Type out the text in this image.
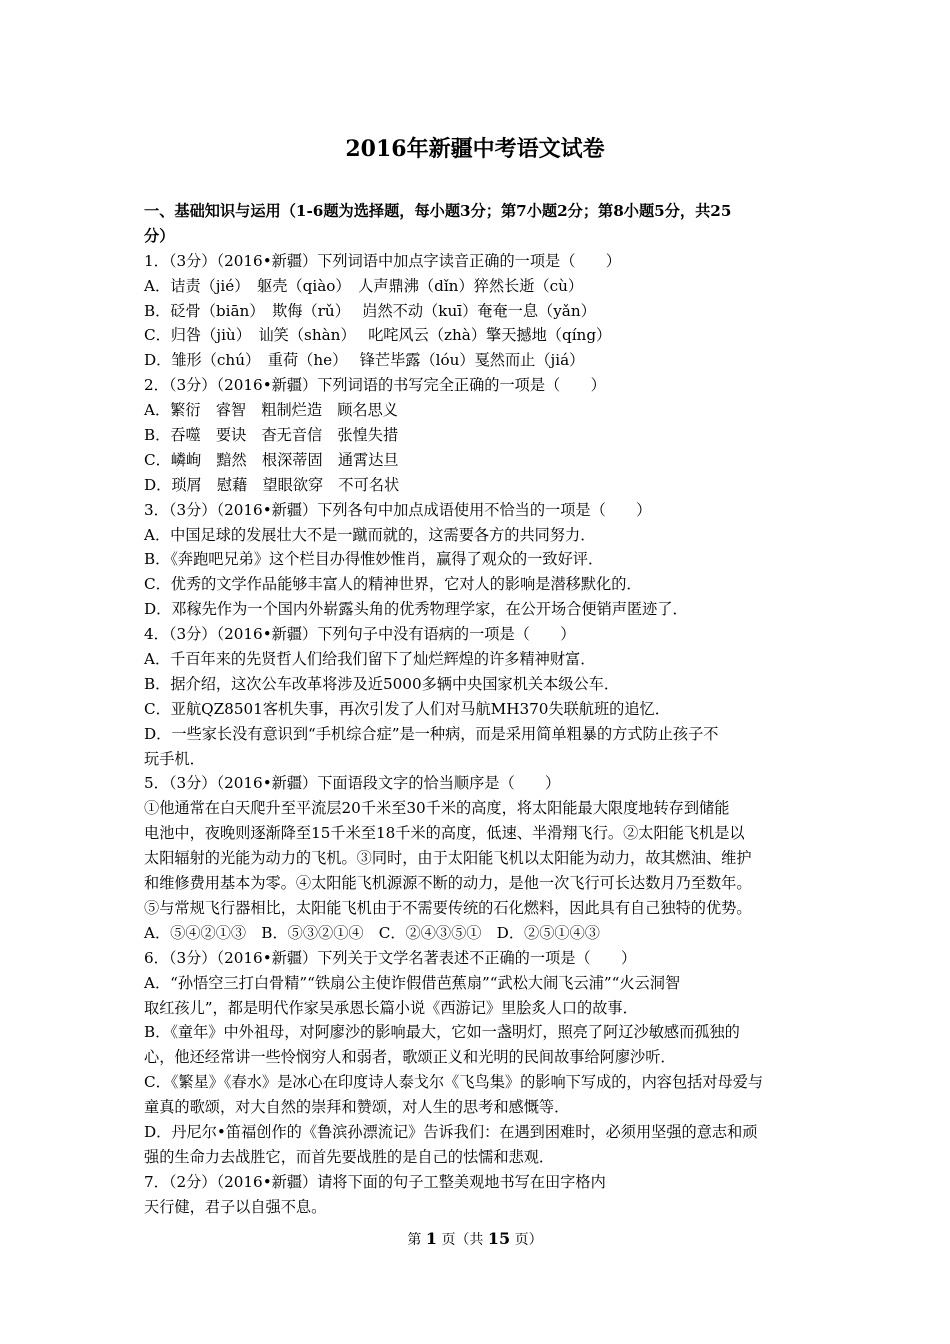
2016年新疆中考语文试卷
一、基础知识与运用（1-6题为选择题，每小题3分；第7小题2分；第8小题5分，共25
分）
1．（3分）（2016•新疆）下列词语中加点字读音正确的一项是（　　）
A．诘责（jié）　躯壳（qiào）　人声鼎沸（dǐn）猝然长逝（cù）
B．砭骨（biān）　欺侮（rǔ）　 岿然不动（kuī）奄奄一息（yǎn）
C．归咎（jiù）　讪笑（shàn）　 叱咤风云（zhà）擎天撼地（qíng）
D．雏形（chú）　重荷（he）　 锋芒毕露（lóu）戛然而止（jiá）
2．（3分）（2016•新疆）下列词语的书写完全正确的一项是（　　）
A．繁衍　睿智　粗制烂造　顾名思义
B．吞噬　要诀　杳无音信　张惶失措
C．嶙峋　黯然　根深蒂固　通霄达旦
D．琐屑　慰藉　望眼欲穿　不可名状
3．（3分）（2016•新疆）下列各句中加点成语使用不恰当的一项是（　　）
A．中国足球的发展壮大不是一蹴而就的，这需要各方的共同努力．
B．《奔跑吧兄弟》这个栏目办得惟妙惟肖，赢得了观众的一致好评．
C．优秀的文学作品能够丰富人的精神世界，它对人的影响是潜移默化的．
D．邓稼先作为一个国内外崭露头角的优秀物理学家，在公开场合便销声匿迹了．
4．（3分）（2016•新疆）下列句子中没有语病的一项是（　　）
A．千百年来的先贤哲人们给我们留下了灿烂辉煌的许多精神财富．
B．据介绍，这次公车改革将涉及近5000多辆中央国家机关本级公车．
C．亚航QZ8501客机失事，再次引发了人们对马航MH370失联航班的追忆．
D．一些家长没有意识到“手机综合症”是一种病，而是采用简单粗暴的方式防止孩子不
玩手机．
5．（3分）（2016•新疆）下面语段文字的恰当顺序是（　　）
①他通常在白天爬升至平流层20千米至30千米的高度，将太阳能最大限度地转存到储能
电池中，夜晚则逐渐降至15千米至18千米的高度，低速、半滑翔飞行。②太阳能飞机是以
太阳辐射的光能为动力的飞机。③同时，由于太阳能飞机以太阳能为动力，故其燃油、维护
和维修费用基本为零。④太阳能飞机源源不断的动力，是他一次飞行可长达数月乃至数年。
⑤与常规飞行器相比，太阳能飞机由于不需要传统的石化燃料，因此具有自己独特的优势。
A．⑤④②①③　B．⑤③②①④　C．②④③⑤①　D．②⑤①④③
6．（3分）（2016•新疆）下列关于文学名著表述不正确的一项是（　　）
A．“孙悟空三打白骨精”“铁扇公主使诈假借芭蕉扇”“武松大闹飞云浦”“火云洞智
取红孩儿”，都是明代作家吴承恩长篇小说《西游记》里脍炙人口的故事．
B．《童年》中外祖母，对阿廖沙的影响最大，它如一盏明灯，照亮了阿辽沙敏感而孤独的
心，他还经常讲一些怜悯穷人和弱者，歌颂正义和光明的民间故事给阿廖沙听．
C．《繁星》《春水》是冰心在印度诗人泰戈尔《飞鸟集》的影响下写成的，内容包括对母爱与
童真的歌颂，对大自然的崇拜和赞颂，对人生的思考和感慨等．
D．丹尼尔•笛福创作的《鲁滨孙漂流记》告诉我们：在遇到困难时，必须用坚强的意志和顽
强的生命力去战胜它，而首先要战胜的是自己的怯懦和悲观．
7．（2分）（2016•新疆）请将下面的句子工整美观地书写在田字格内
天行健，君子以自强不息。
第 1 页（共 15 页）
